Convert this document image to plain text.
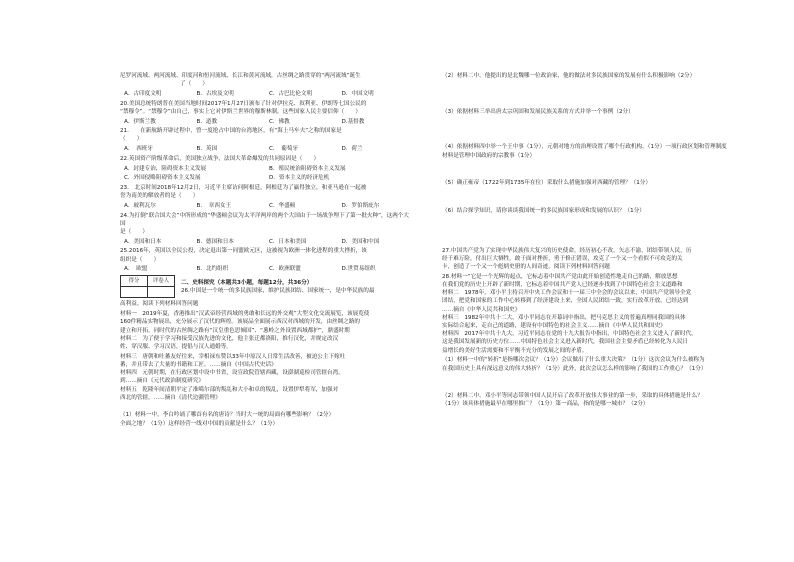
尼罗河流域、两河流域、印度河和恒河流域、长江和黄河流域，古丝绸之路贯穿的“两河流域”诞生
了（　　）

A．古印度文明	B．古埃及文明	C．古巴比伦文明	D．中国文明

20.美国总统特朗普在美国当地时间2017年1月27日颁布了针对伊拉克、叙利亚、伊朗等七国公民的
“禁穆令”。“禁穆令”由自己，事实上它对伊斯兰世界的穆斯林制，这些国家人民主要信仰（　　）

A．伊斯兰教	B．道教	C．佛教	D.基督教

21.　　在新航路开辟过程中，曾一度抢占中国的台湾地区，有“海上马车夫”之称的国家是
（　　）

A．　西班牙	B．英国	C．　葡萄牙	D．荷兰

22.英国资产阶级革命后，美国独立战争，法国大革命爆发的共同原因是（　　）

A．封建专治，阻碍资本主义发展	B．殖民统治阻碍资本主义发展
C．外国侵略阻碍资本主义发展	D．资本主义的经济危机

23.　北京时间2018年12月2日，习近平主席访问阿根廷，阿根廷为了赢得独立，和亚马逊在一起被
誉为南美的解放者的是（　　）

A．玻利瓦尔	B．　章西女王	C．华盛顿	D．罗伯斯庇尔

24.为打倒“联合国大会”中所形成的“华盛顿会议为太平洋两岸的两个大国由于一场战争埋下了第一批火种”，这两个大国
是（　　）

A．美国和日本	B．德国和日本	C．日本和美国	D．美国和中国

25.2016年，英国以全民公投，决定退出第一同盟欧元区，这被视为欧洲一体化进程的重大挫折，该
组织是（　　）

A．　欧盟	B．北约组织	C．欧洲联盟	D.世贸易组织
得分	评卷人
	二、史料探究（本题共3小题，每题12分，共36分）
26.中国是一个统一的多民族国家，维护民族团结、国家统一，是中华民族的最

高利益。阅读下列材料回答问题

材料一　2019年夏，香港推出“汉武帝经营西域的勇敢和长远的外交观”大型文化交流展览，该展览使
160件精品实物展出，充分展示了汉代的辉煌。该展品全面展示西汉对西域的开发，由丝绸之路的
建立和开拓。同时代的古丝绸之路有“汉皇重色思倾国”、“葱岭之外设置西域都护”，鼎盛时期
材料二　为了便于学习和接受汉族先进的文化，他主张迁都洛阳，推行汉化，并规定改汉
姓、穿汉服、学习汉语，提倡与汉人通婚等。

材料三　唐朝和吐蕃友好往来，宰相禄东赞以33年中原汉人日常生活改善，被迫公主下嫁吐
蕃，并且带去了大量的书籍和工匠。……摘自《中国古代史话》
材料四　元朝时期，在行政区划中设中书省，设宣政院管辖西藏，设澎湖巡检司管辖台湾，
到……摘自《元代政治制度研究》
材料五　乾隆年间清朝平定了准噶尔部的叛乱和大小和卓的叛乱，设置伊犁将军，加强对
西北的管辖。……摘自《清代边疆管理》

（1）材料一中，李白吟诵了哪首有名的唐诗？当时大一统的局面有哪些影响？（2分）
全面之地？（1分）这样经营一线对中国的贡献是什么？（1分）

（2）材料二中，他提出的是北魏哪一位政治家，他的做法对多民族国家的发展有什么积极影响（2分）

（3）依据材料三举出唐太宗巩固和发展民族关系的方式并举一个事例（2分）

（4）依据材料四中举一个王中事（1分），元朝对地方的治理设置了哪个行政机构，（1分）一项行政区划和管理制度
材料是管理中国政府的宗教事（1分）

（5）确正雍帝（1722年到1735年在位）采取什么措施加强对西藏的管理？（1分）

（6）结合探学知识，请你谈谈我国统一的多民族国家形成和发展的认识？（1分）

27.中国共产党为了实现中华民族伟大复兴的历史使命，经历初心不改，矢志不渝，团结带领人民，历
经千难万险，付出巨大牺牲，敢于面对挫折，勇于修正错误，攻克了一个又一个看似不可攻克的关
卡，创造了一个又一个彪炳史册的人间奇迹。阅读下列材料回答问题

28.材料一“它是一个光辉的起点，它标志着中国共产党由此开始创造性地走自己的路，解放思想
在我们党的历史上开辟了新时期，它标志着中国共产党人已经逐步找到了中国特色社会主义道路和
材料二　1978年，邓小平主持召开中央工作会议和十一届三中全会的会议以来，中国共产党领导全党
团结，把党和国家的工作中心转移到了经济建设上来，全国人民团结一致，实行改革开放，已经达到
……摘自《中华人民共和国史》
材料三　1982年中共十二大，邓小平同志在开幕词中指出，把马克思主义的普遍真理同我国的具体
实际结合起来，走自己的道路，建设有中国特色的社会主义……摘自《中华人民共和国史》
材料四　2017年中共十九大，习近平同志在党的十九大报告中指出，中国特色社会主义进入了新时代，
这是我国发展新的历史方位……中国特色社会主义进入新时代，我国社会主要矛盾已经转化为人民日
益增长的美好生活需要和不平衡不充分的发展之间的矛盾。

（1）材料一中的“转折”是指哪次会议？（1分）会议做出了什么重大决策？（1分）这次会议为什么被称为
在我国历史上具有深远意义的伟大转折？（1分）此外，此次会议怎么样的影响了我国的工作重心？（1分）

（2）材料二中，邓小平等同志带领中国人民开启了改革开放伟大事业的第一步，采取的具体措施是什么？
（1分）该具体措施最早在哪里推广？（1分）第一商品，指的是哪一城市？（2分）
